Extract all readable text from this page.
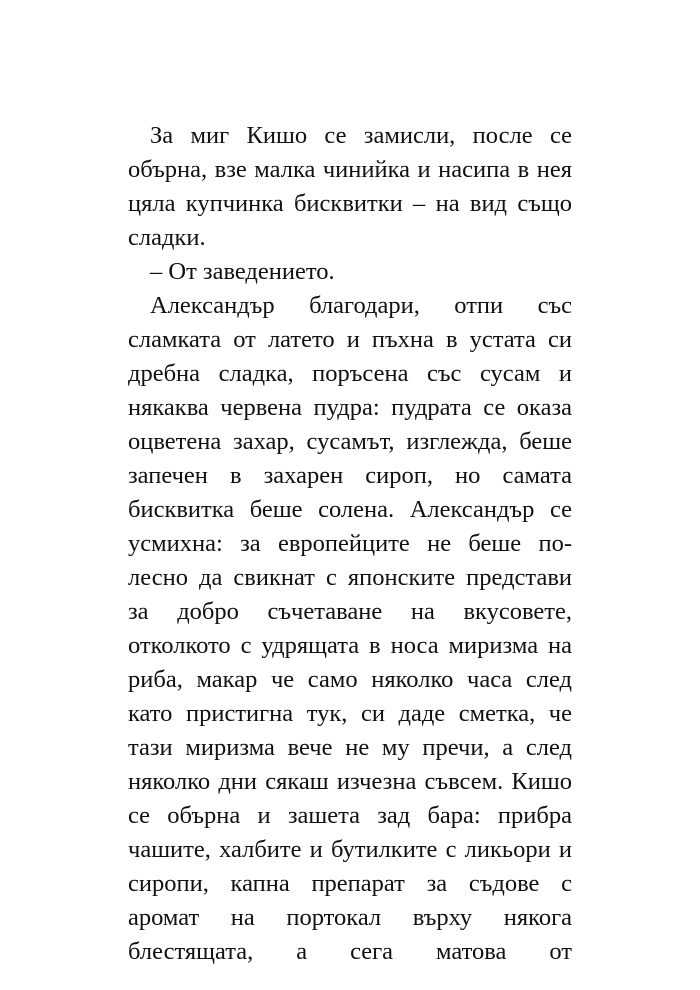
За миг Кишо се замисли, после се
обърна, взе малка чинийка и насипа в нея
цяла купчинка бисквитки – на вид също
сладки.
– От заведението.
Александър благодари, отпи със
сламката от латето и пъхна в устата си
дребна сладка, поръсена със сусам и
някаква червена пудра: пудрата се оказа
оцветена захар, сусамът, изглежда, беше
запечен в захарен сироп, но самата
бисквитка беше солена. Александър се
усмихна: за европейците не беше по-
лесно да свикнат с японските представи
за добро съчетаване на вкусовете,
отколкото с удрящата в носа миризма на
риба, макар че само няколко часа след
като пристигна тук, си даде сметка, че
тази миризма вече не му пречи, а след
няколко дни сякаш изчезна съвсем. Кишо
се обърна и зашета зад бара: прибра
чашите, халбите и бутилките с ликьори и
сиропи, капна препарат за съдове с
аромат на портокал върху някога
блестящата, а сега матова от
